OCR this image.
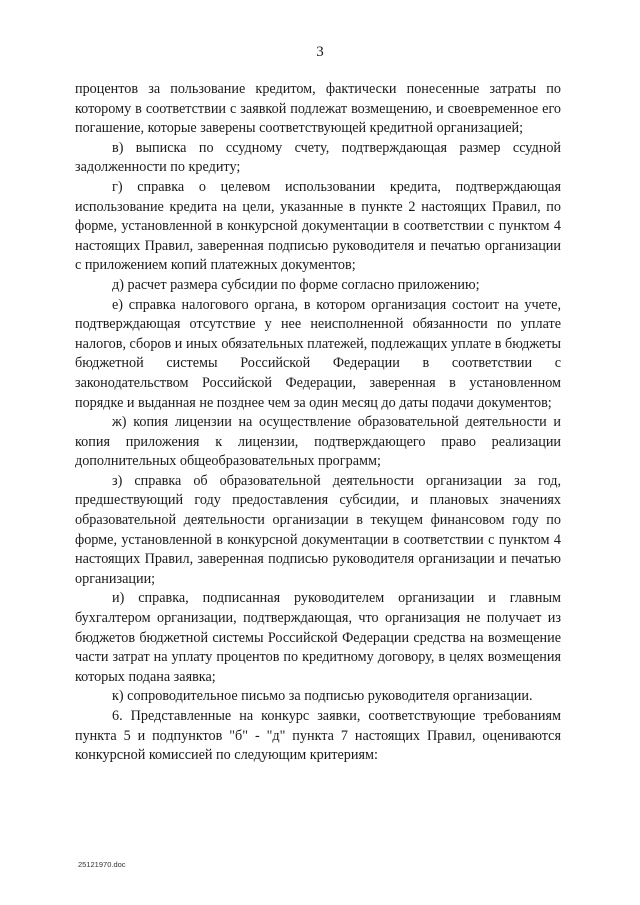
3

процентов за пользование кредитом, фактически понесенные затраты по которому в соответствии с заявкой подлежат возмещению, и своевременное его погашение, которые заверены соответствующей кредитной организацией;

в) выписка по ссудному счету, подтверждающая размер ссудной задолженности по кредиту;

г) справка о целевом использовании кредита, подтверждающая использование кредита на цели, указанные в пункте 2 настоящих Правил, по форме, установленной в конкурсной документации в соответствии с пунктом 4 настоящих Правил, заверенная подписью руководителя и печатью организации с приложением копий платежных документов;

д) расчет размера субсидии по форме согласно приложению;

е) справка налогового органа, в котором организация состоит на учете, подтверждающая отсутствие у нее неисполненной обязанности по уплате налогов, сборов и иных обязательных платежей, подлежащих уплате в бюджеты бюджетной системы Российской Федерации в соответствии с законодательством Российской Федерации, заверенная в установленном порядке и выданная не позднее чем за один месяц до даты подачи документов;

ж) копия лицензии на осуществление образовательной деятельности и копия приложения к лицензии, подтверждающего право реализации дополнительных общеобразовательных программ;

з) справка об образовательной деятельности организации за год, предшествующий году предоставления субсидии, и плановых значениях образовательной деятельности организации в текущем финансовом году по форме, установленной в конкурсной документации в соответствии с пунктом 4 настоящих Правил, заверенная подписью руководителя организации и печатью организации;

и) справка, подписанная руководителем организации и главным бухгалтером организации, подтверждающая, что организация не получает из бюджетов бюджетной системы Российской Федерации средства на возмещение части затрат на уплату процентов по кредитному договору, в целях возмещения которых подана заявка;

к) сопроводительное письмо за подписью руководителя организации.

6. Представленные на конкурс заявки, соответствующие требованиям пункта 5 и подпунктов "б" - "д" пункта 7 настоящих Правил, оцениваются конкурсной комиссией по следующим критериям:

25121970.doc
